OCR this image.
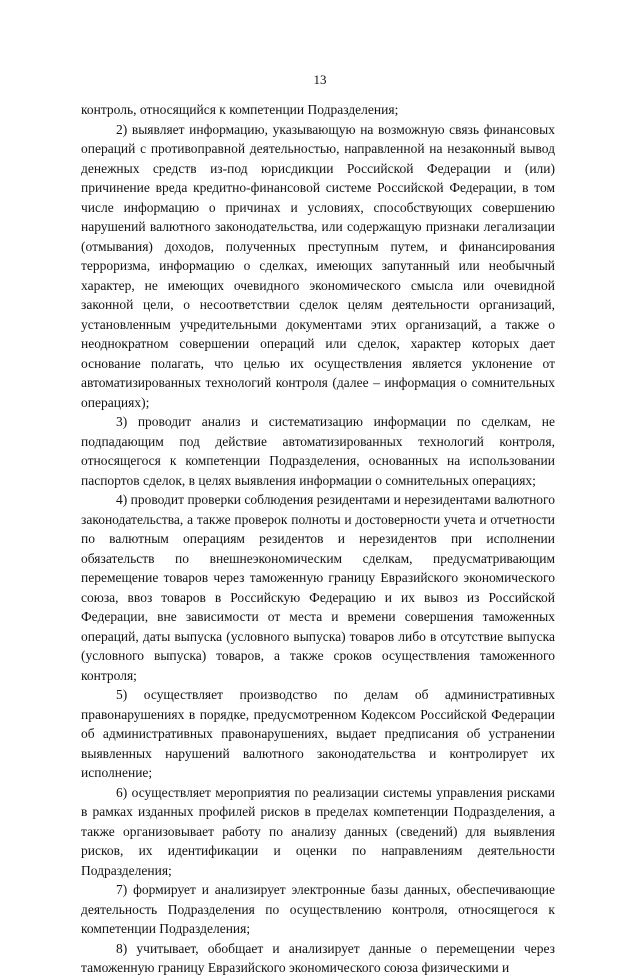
13

контроль, относящийся к компетенции Подразделения;

2) выявляет информацию, указывающую на возможную связь финансовых операций с противоправной деятельностью, направленной на незаконный вывод денежных средств из-под юрисдикции Российской Федерации и (или) причинение вреда кредитно-финансовой системе Российской Федерации, в том числе информацию о причинах и условиях, способствующих совершению нарушений валютного законодательства, или содержащую признаки легализации (отмывания) доходов, полученных преступным путем, и финансирования терроризма, информацию о сделках, имеющих запутанный или необычный характер, не имеющих очевидного экономического смысла или очевидной законной цели, о несоответствии сделок целям деятельности организаций, установленным учредительными документами этих организаций, а также о неоднократном совершении операций или сделок, характер которых дает основание полагать, что целью их осуществления является уклонение от автоматизированных технологий контроля (далее – информация о сомнительных операциях);

3) проводит анализ и систематизацию информации по сделкам, не подпадающим под действие автоматизированных технологий контроля, относящегося к компетенции Подразделения, основанных на использовании паспортов сделок, в целях выявления информации о сомнительных операциях;

4) проводит проверки соблюдения резидентами и нерезидентами валютного законодательства, а также проверок полноты и достоверности учета и отчетности по валютным операциям резидентов и нерезидентов при исполнении обязательств по внешнеэкономическим сделкам, предусматривающим перемещение товаров через таможенную границу Евразийского экономического союза, ввоз товаров в Российскую Федерацию и их вывоз из Российской Федерации, вне зависимости от места и времени совершения таможенных операций, даты выпуска (условного выпуска) товаров либо в отсутствие выпуска (условного выпуска) товаров, а также сроков осуществления таможенного контроля;

5) осуществляет производство по делам об административных правонарушениях в порядке, предусмотренном Кодексом Российской Федерации об административных правонарушениях, выдает предписания об устранении выявленных нарушений валютного законодательства и контролирует их исполнение;

6) осуществляет мероприятия по реализации системы управления рисками в рамках изданных профилей рисков в пределах компетенции Подразделения, а также организовывает работу по анализу данных (сведений) для выявления рисков, их идентификации и оценки по направлениям деятельности Подразделения;

7) формирует и анализирует электронные базы данных, обеспечивающие деятельность Подразделения по осуществлению контроля, относящегося к компетенции Подразделения;

8) учитывает, обобщает и анализирует данные о перемещении через таможенную границу Евразийского экономического союза физическими и
